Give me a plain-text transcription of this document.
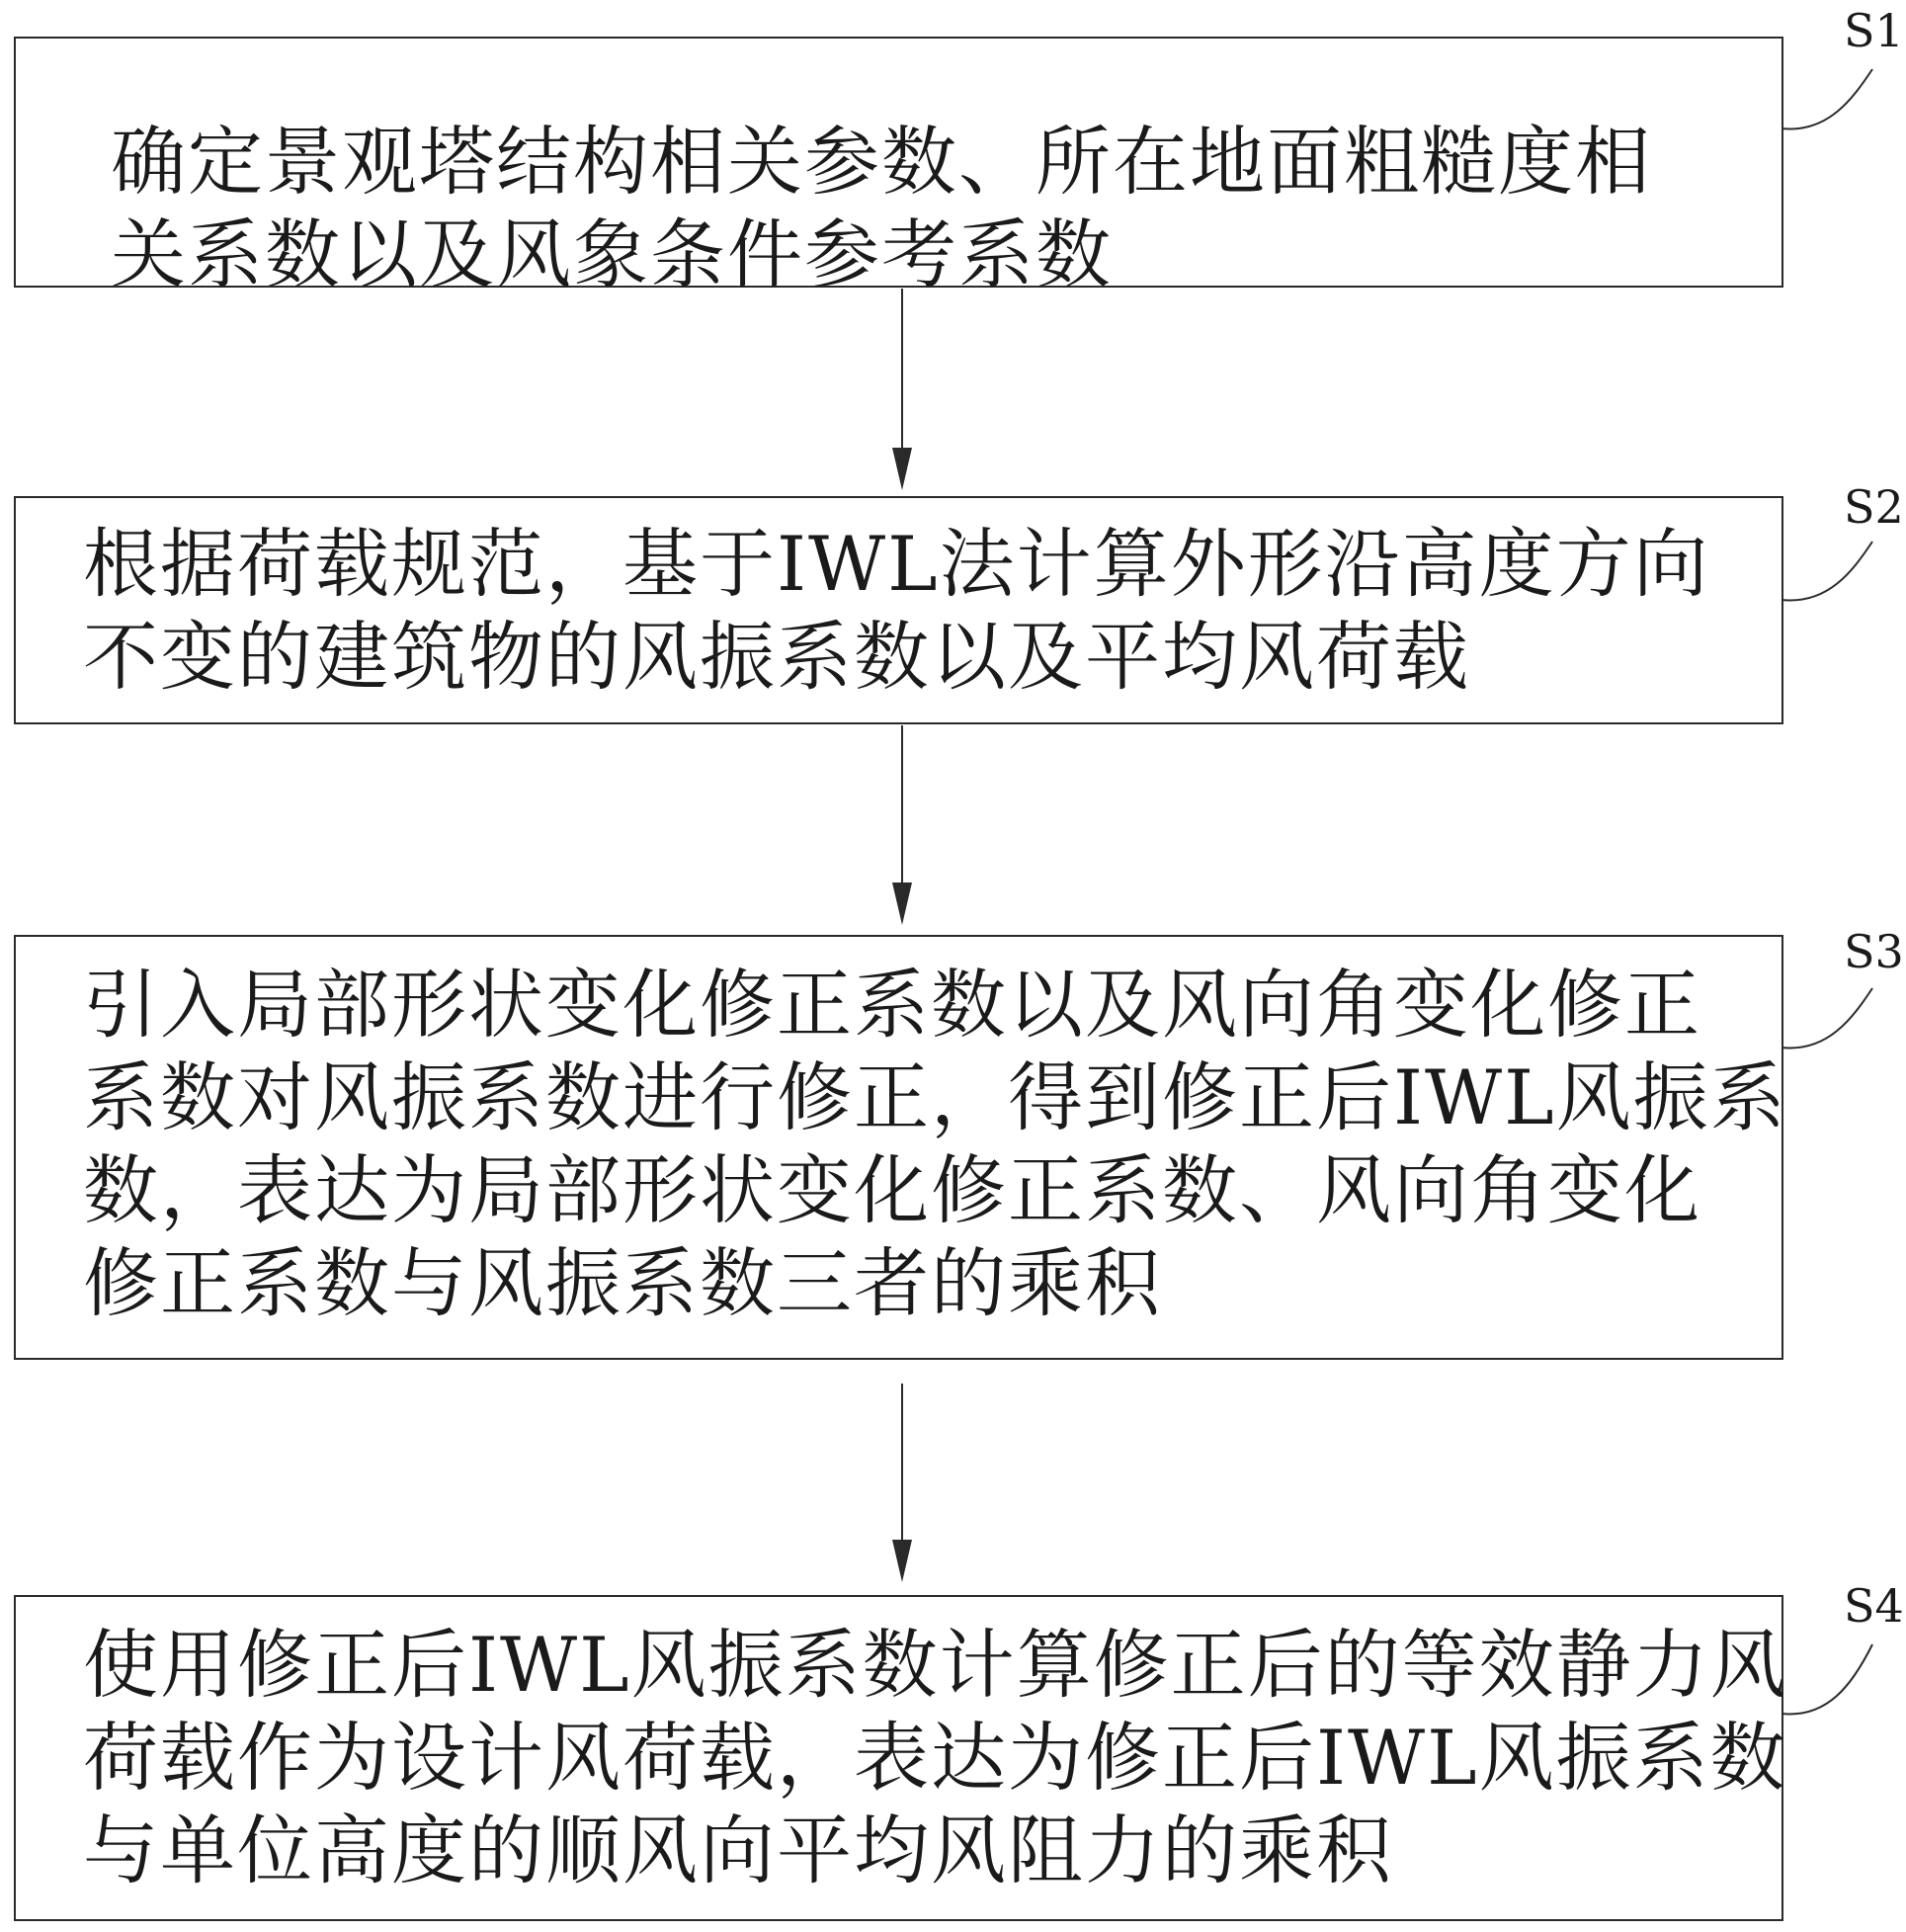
确定景观塔结构相关参数、所在地面粗糙度相
关系数以及风象条件参考系数

S1

根据荷载规范，基于IWL法计算外形沿高度方向
不变的建筑物的风振系数以及平均风荷载

S2

引入局部形状变化修正系数以及风向角变化修正
系数对风振系数进行修正，得到修正后IWL风振系
数，表达为局部形状变化修正系数、风向角变化
修正系数与风振系数三者的乘积

S3

使用修正后IWL风振系数计算修正后的等效静力风
荷载作为设计风荷载，表达为修正后IWL风振系数
与单位高度的顺风向平均风阻力的乘积

S4
